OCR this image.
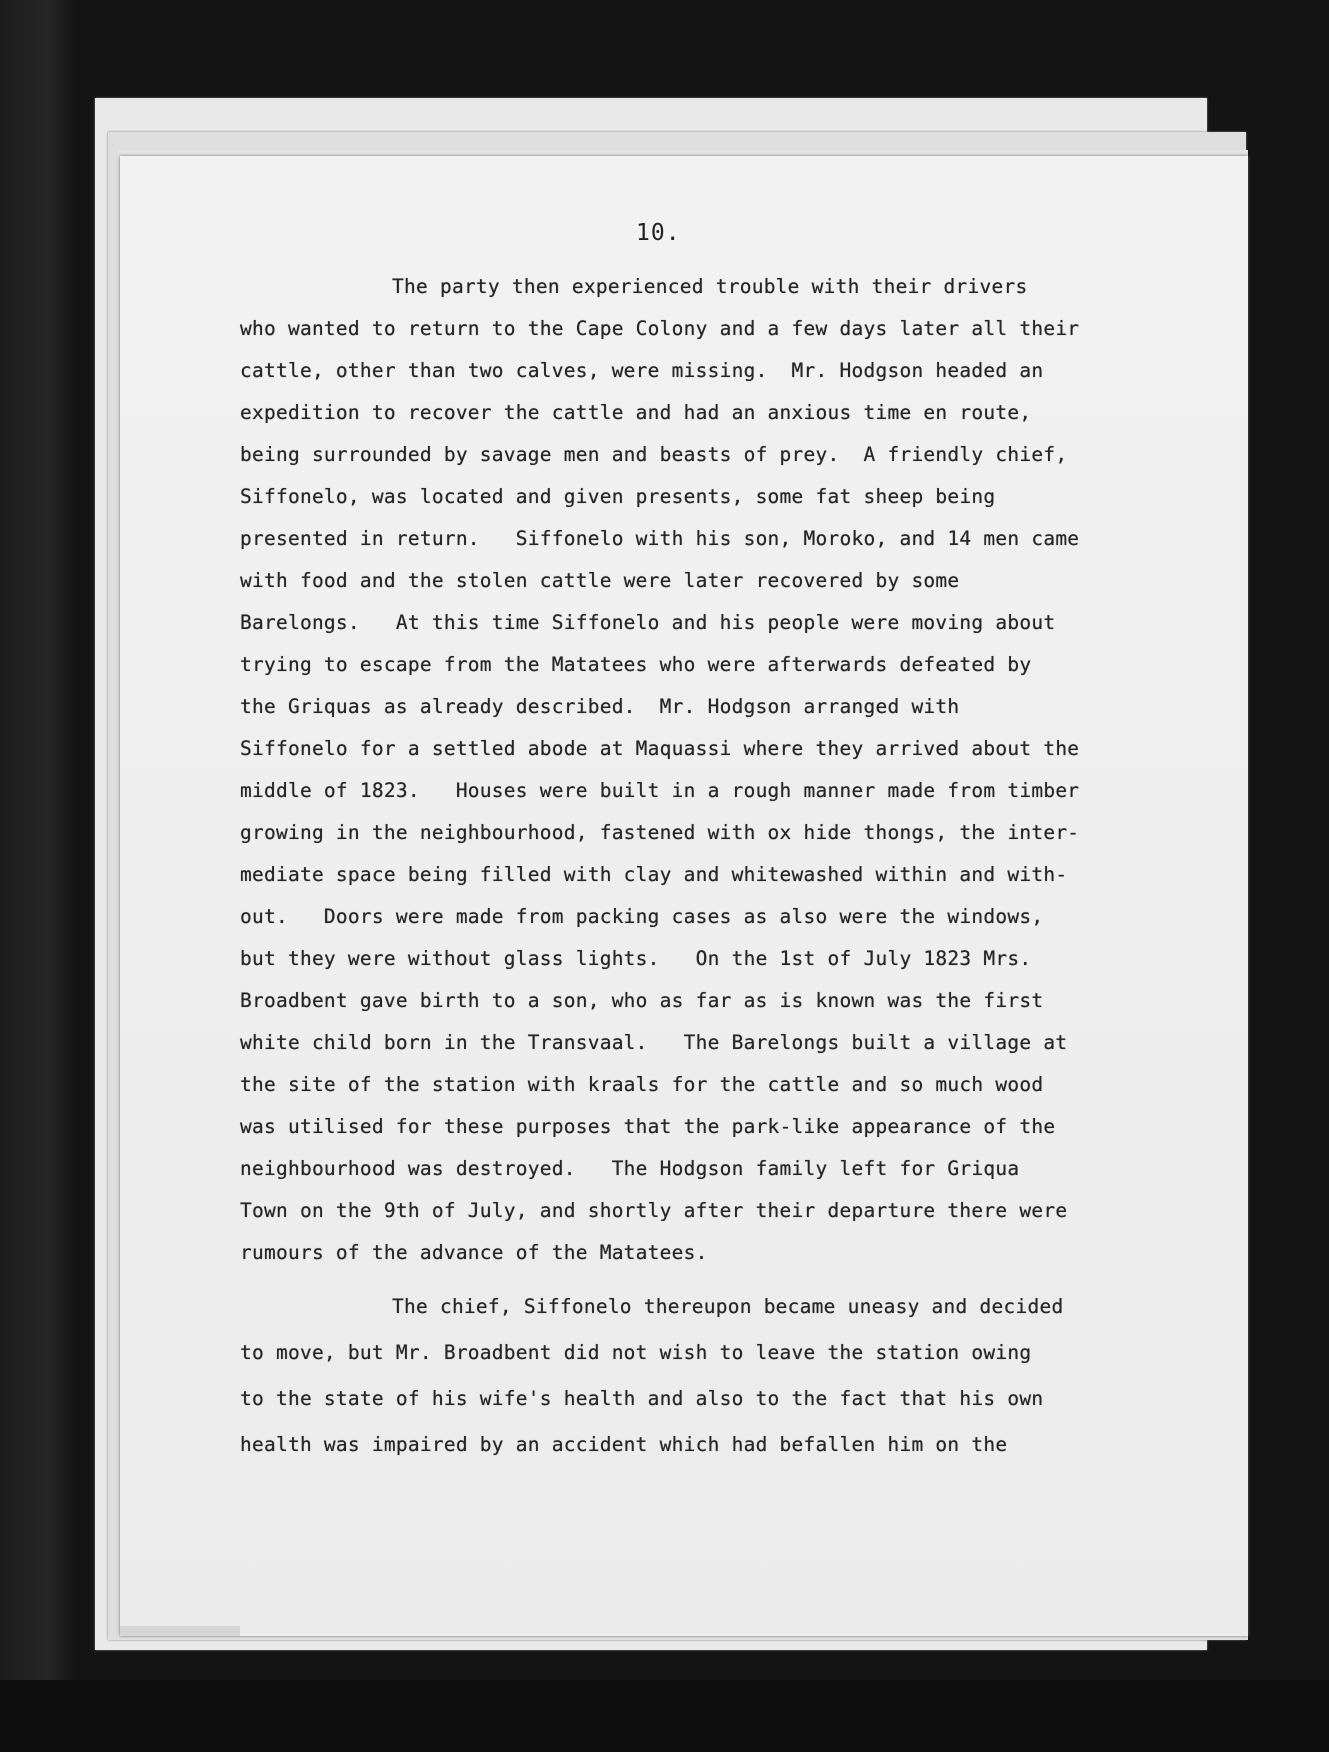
10.
The party then experienced trouble with their drivers
who wanted to return to the Cape Colony and a few days later all their
cattle, other than two calves, were missing.  Mr. Hodgson headed an
expedition to recover the cattle and had an anxious time en route,
being surrounded by savage men and beasts of prey.  A friendly chief,
Siffonelo, was located and given presents, some fat sheep being
presented in return.   Siffonelo with his son, Moroko, and 14 men came
with food and the stolen cattle were later recovered by some
Barelongs.   At this time Siffonelo and his people were moving about
trying to escape from the Matatees who were afterwards defeated by
the Griquas as already described.  Mr. Hodgson arranged with
Siffonelo for a settled abode at Maquassi where they arrived about the
middle of 1823.   Houses were built in a rough manner made from timber
growing in the neighbourhood, fastened with ox hide thongs, the inter-
mediate space being filled with clay and whitewashed within and with-
out.   Doors were made from packing cases as also were the windows,
but they were without glass lights.   On the 1st of July 1823 Mrs.
Broadbent gave birth to a son, who as far as is known was the first
white child born in the Transvaal.   The Barelongs built a village at
the site of the station with kraals for the cattle and so much wood
was utilised for these purposes that the park-like appearance of the
neighbourhood was destroyed.   The Hodgson family left for Griqua
Town on the 9th of July, and shortly after their departure there were
rumours of the advance of the Matatees.
The chief, Siffonelo thereupon became uneasy and decided
to move, but Mr. Broadbent did not wish to leave the station owing
to the state of his wife's health and also to the fact that his own
health was impaired by an accident which had befallen him on the
